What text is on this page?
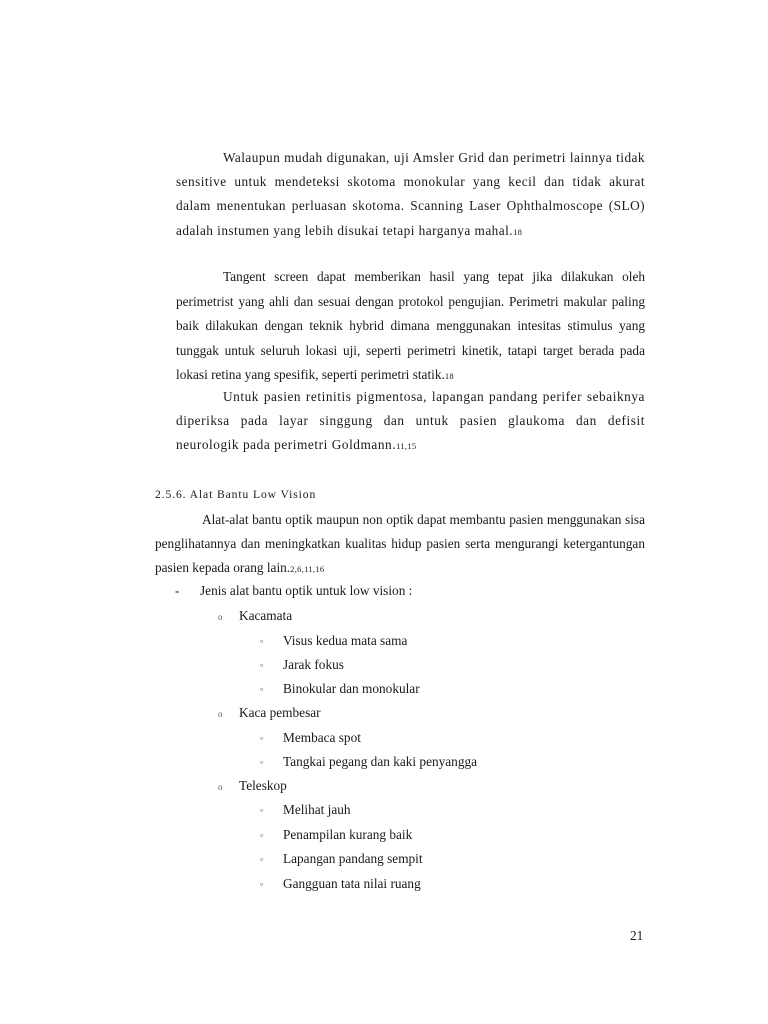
Walaupun mudah digunakan, uji Amsler Grid dan perimetri lainnya tidak sensitive untuk mendeteksi skotoma monokular yang kecil dan tidak akurat dalam menentukan perluasan skotoma. Scanning Laser Ophthalmoscope (SLO) adalah instumen yang lebih disukai tetapi harganya mahal.18

Tangent screen dapat memberikan hasil yang tepat jika dilakukan oleh perimetrist yang ahli dan sesuai dengan protokol pengujian. Perimetri makular paling baik dilakukan dengan teknik hybrid dimana menggunakan intesitas stimulus yang tunggak untuk seluruh lokasi uji, seperti perimetri kinetik, tatapi target berada pada lokasi retina yang spesifik, seperti perimetri statik.18

Untuk pasien retinitis pigmentosa, lapangan pandang perifer sebaiknya diperiksa pada layar singgung dan untuk pasien glaukoma dan defisit neurologik pada perimetri Goldmann.11,15

2.5.6. Alat Bantu Low Vision

Alat-alat bantu optik maupun non optik dapat membantu pasien menggunakan sisa penglihatannya dan meningkatkan kualitas hidup pasien serta mengurangi ketergantungan pasien kepada orang lain.2,6,11,16

- Jenis alat bantu optik untuk low vision :
o Kacamata
▫ Visus kedua mata sama
▫ Jarak fokus
▫ Binokular dan monokular
o Kaca pembesar
▫ Membaca spot
▫ Tangkai pegang dan kaki penyangga
o Teleskop
▫ Melihat jauh
▫ Penampilan kurang baik
▫ Lapangan pandang sempit
▫ Gangguan tata nilai ruang
21
